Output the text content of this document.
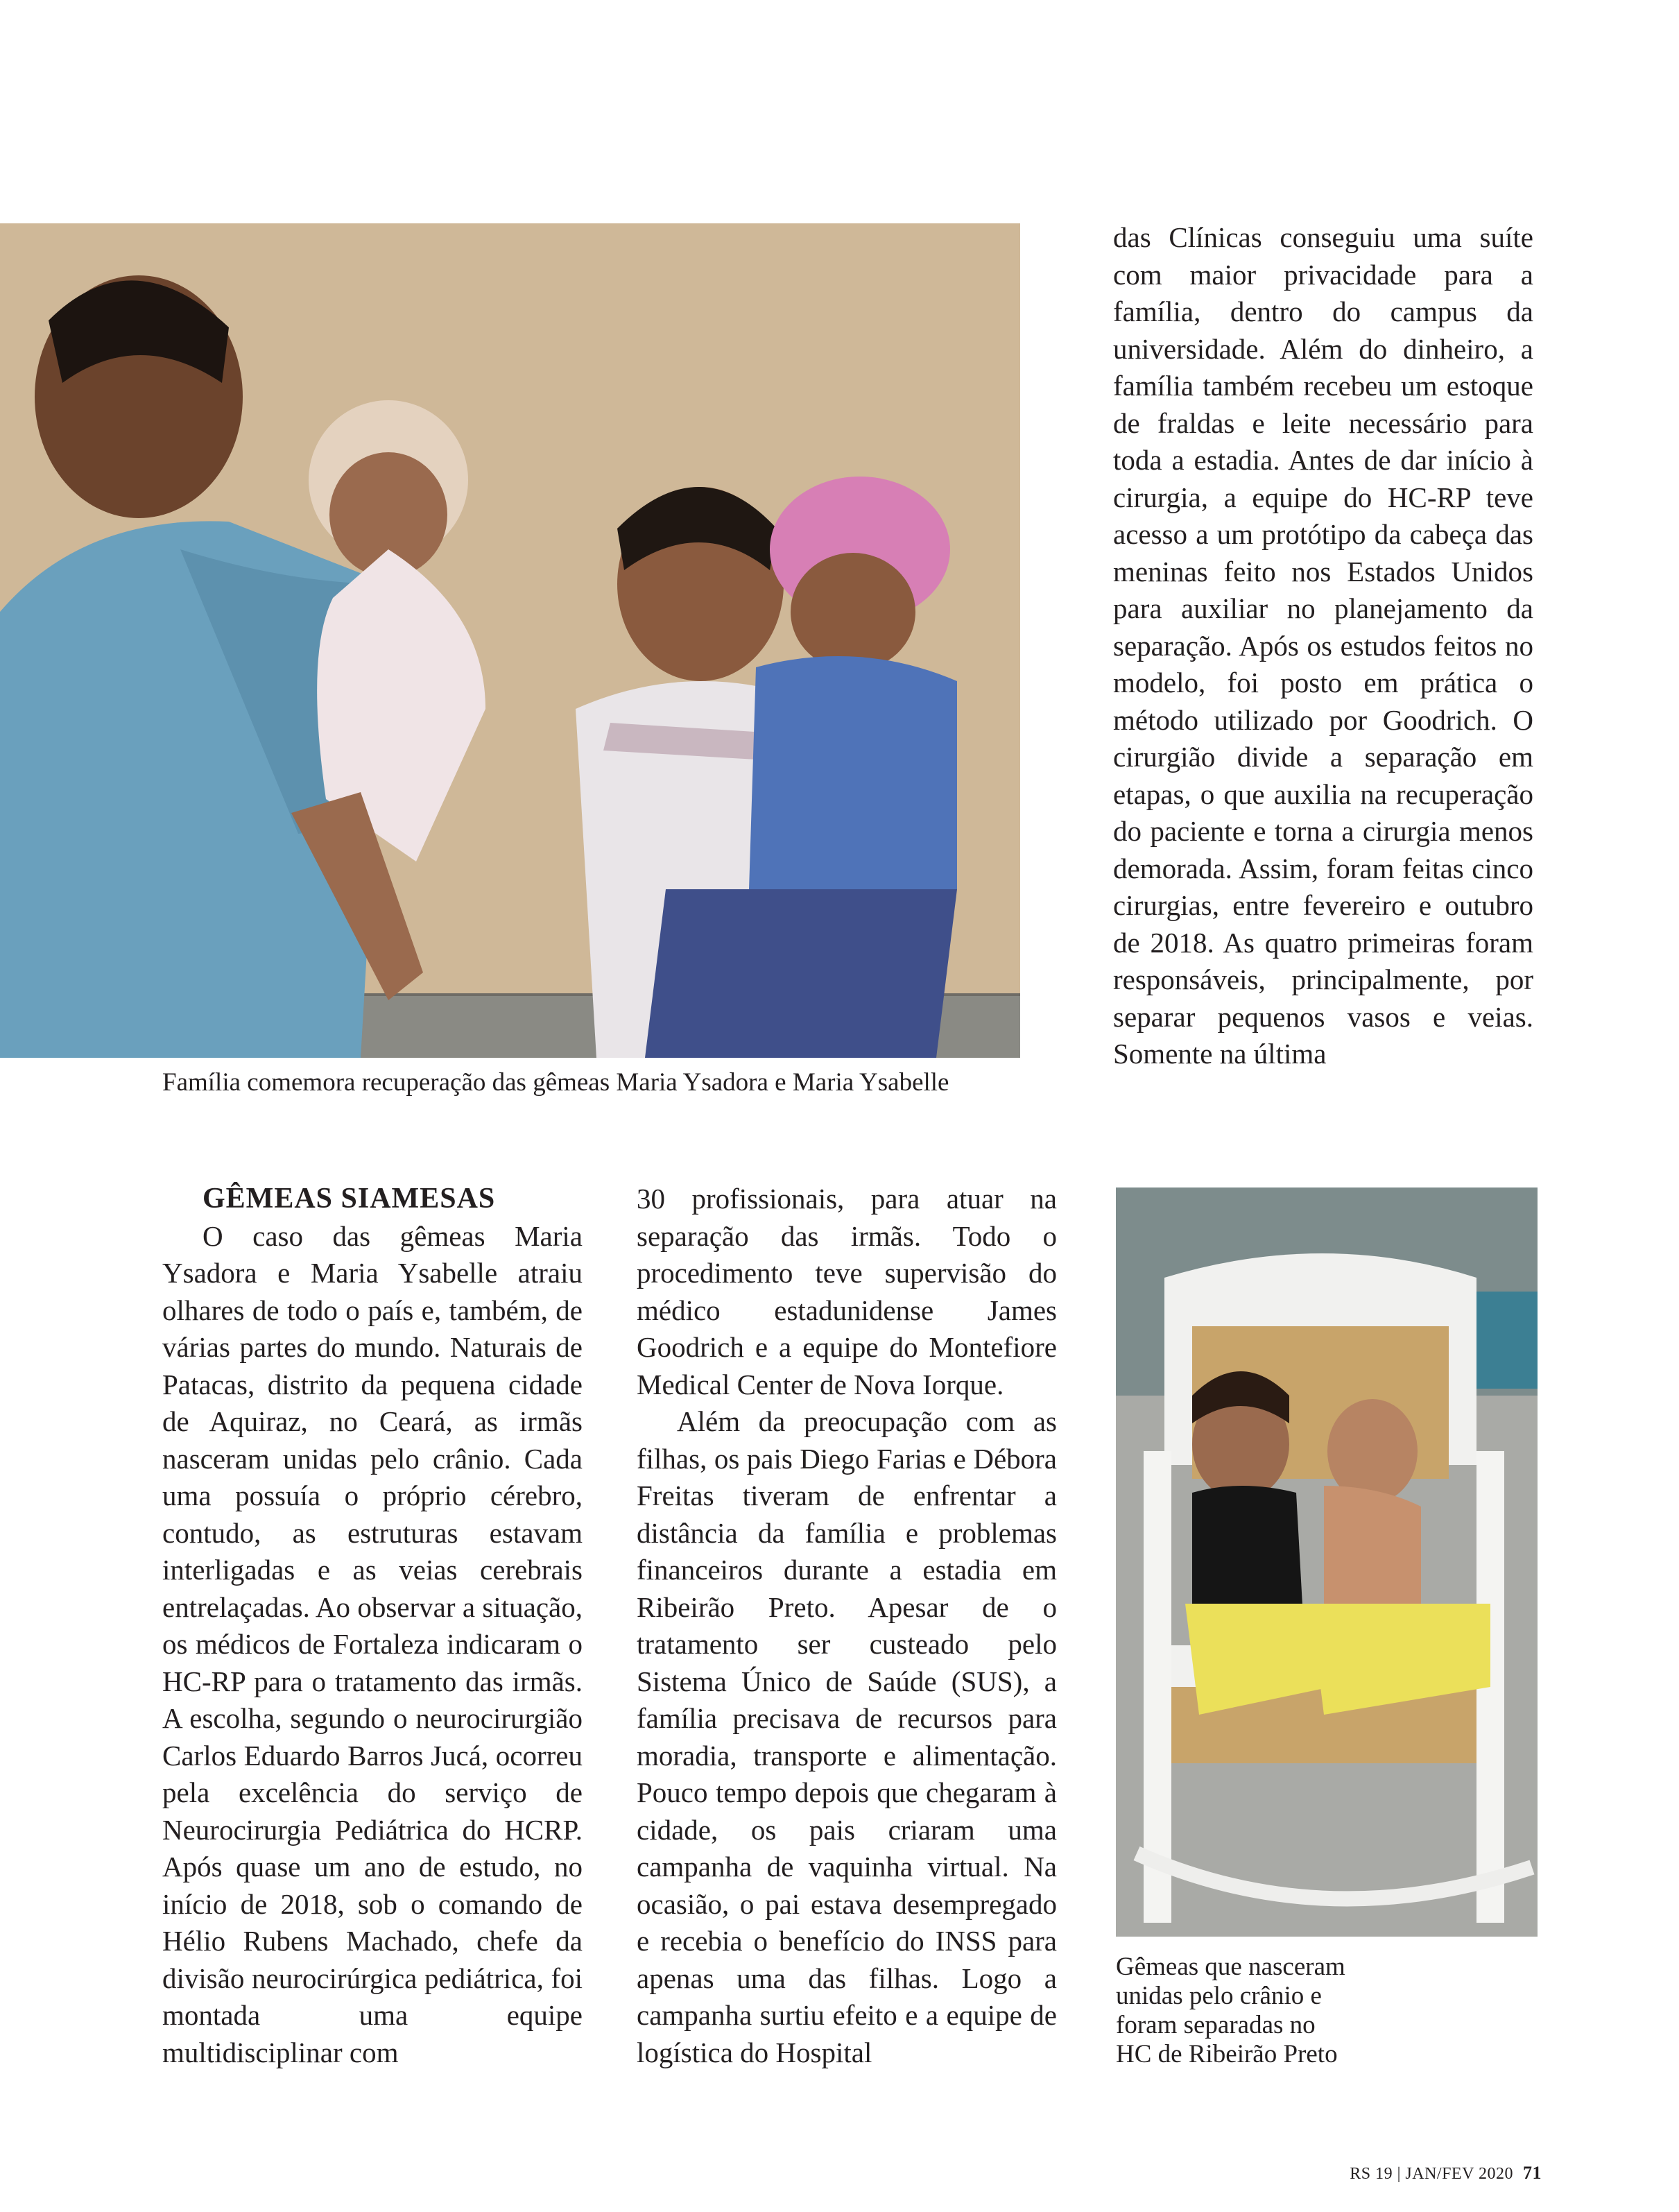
Família comemora recuperação das gêmeas Maria Ysadora e Maria Ysabelle

das Clínicas conseguiu uma suíte com maior privacidade para a família, dentro do campus da universidade. Além do dinheiro, a família também recebeu um estoque de fraldas e leite necessário para toda a estadia. Antes de dar início à cirurgia, a equipe do HC-RP teve acesso a um protótipo da cabeça das meninas feito nos Estados Unidos para auxiliar no planejamento da separação. Após os estudos feitos no modelo, foi posto em prática o método utilizado por Goodrich. O cirurgião divide a separação em etapas, o que auxilia na recuperação do paciente e torna a cirurgia menos demorada. Assim, foram feitas cinco cirurgias, entre fevereiro e outubro de 2018. As quatro primeiras foram responsáveis, principalmente, por separar pequenos vasos e veias. Somente na última

GÊMEAS SIAMESAS

O caso das gêmeas Maria Ysadora e Maria Ysabelle atraiu olhares de todo o país e, também, de várias partes do mundo. Naturais de Patacas, distrito da pequena cidade de Aquiraz, no Ceará, as irmãs nasceram unidas pelo crânio. Cada uma possuía o próprio cérebro, contudo, as estruturas estavam interligadas e as veias cerebrais entrelaçadas. Ao observar a situação, os médicos de Fortaleza indicaram o HC-RP para o tratamento das irmãs. A escolha, segundo o neurocirurgião Carlos Eduardo Barros Jucá, ocorreu pela excelência do serviço de Neurocirurgia Pediátrica do HCRP. Após quase um ano de estudo, no início de 2018, sob o comando de Hélio Rubens Machado, chefe da divisão neurocirúrgica pediátrica, foi montada uma equipe multidisciplinar com

30 profissionais, para atuar na separação das irmãs. Todo o procedimento teve supervisão do médico estadunidense James Goodrich e a equipe do Montefiore Medical Center de Nova Iorque.

Além da preocupação com as filhas, os pais Diego Farias e Débora Freitas tiveram de enfrentar a distância da família e problemas financeiros durante a estadia em Ribeirão Preto. Apesar de o tratamento ser custeado pelo Sistema Único de Saúde (SUS), a família precisava de recursos para moradia, transporte e alimentação. Pouco tempo depois que chegaram à cidade, os pais criaram uma campanha de vaquinha virtual. Na ocasião, o pai estava desempregado e recebia o benefício do INSS para apenas uma das filhas. Logo a campanha surtiu efeito e a equipe de logística do Hospital

Gêmeas que nasceram
unidas pelo crânio e
foram separadas no
HC de Ribeirão Preto
RS 19 | JAN/FEV 2020 71
